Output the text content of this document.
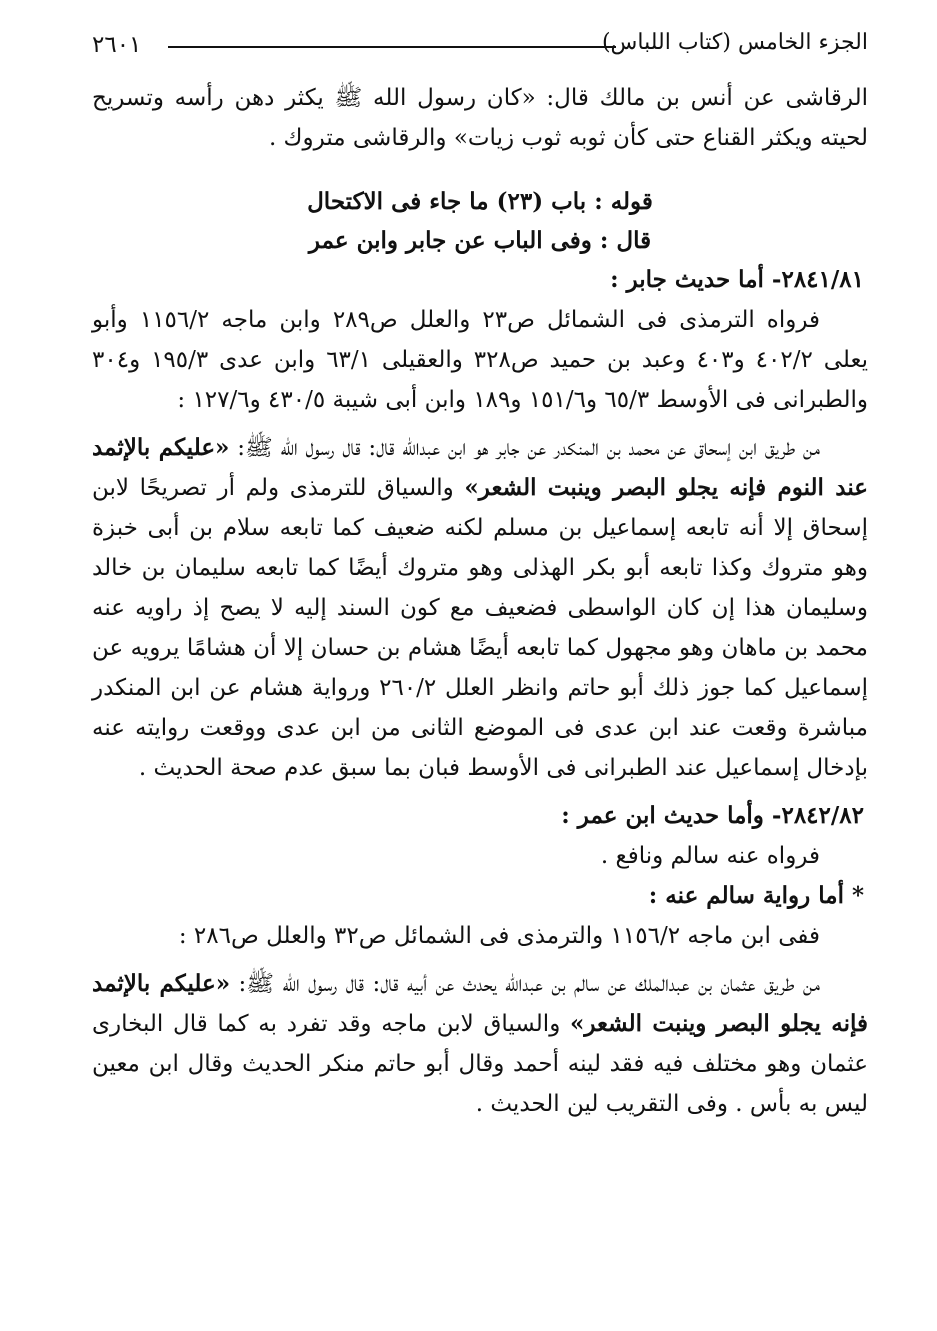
٢٦٠١	الجزء الخامس (كتاب اللباس)

الرقاشى عن أنس بن مالك قال: «كان رسول الله ﷺ يكثر دهن رأسه وتسريح لحيته ويكثر القناع حتى كأن ثوبه ثوب زيات» والرقاشى متروك .

قوله : باب (٢٣) ما جاء فى الاكتحال

قال : وفى الباب عن جابر وابن عمر

٢٨٤١/٨١- أما حديث جابر :

فرواه الترمذى فى الشمائل ص٢٣ والعلل ص٢٨٩ وابن ماجه ١١٥٦/٢ وأبو يعلى ٤٠٢/٢ و٤٠٣ وعبد بن حميد ص٣٢٨ والعقيلى ٦٣/١ وابن عدى ١٩٥/٣ و٣٠٤ والطبرانى فى الأوسط ٦٥/٣ و١٥١/٦ و١٨٩ وابن أبى شيبة ٤٣٠/٥ و١٢٧/٦ :

من طريق ابن إسحاق عن محمد بن المنكدر عن جابر هو ابن عبدالله قال: قال رسول الله ﷺ: «عليكم بالإثمد عند النوم فإنه يجلو البصر وينبت الشعر» والسياق للترمذى ولم أر تصريحًا لابن إسحاق إلا أنه تابعه إسماعيل بن مسلم لكنه ضعيف كما تابعه سلام بن أبى خبزة وهو متروك وكذا تابعه أبو بكر الهذلى وهو متروك أيضًا كما تابعه سليمان بن خالد وسليمان هذا إن كان الواسطى فضعيف مع كون السند إليه لا يصح إذ راويه عنه محمد بن ماهان وهو مجهول كما تابعه أيضًا هشام بن حسان إلا أن هشامًا يرويه عن إسماعيل كما جوز ذلك أبو حاتم وانظر العلل ٢٦٠/٢ ورواية هشام عن ابن المنكدر مباشرة وقعت عند ابن عدى فى الموضع الثانى من ابن عدى ووقعت روايته عنه بإدخال إسماعيل عند الطبرانى فى الأوسط فبان بما سبق عدم صحة الحديث .

٢٨٤٢/٨٢- وأما حديث ابن عمر :

فرواه عنه سالم ونافع .

* أما رواية سالم عنه :

ففى ابن ماجه ١١٥٦/٢ والترمذى فى الشمائل ص٣٢ والعلل ص٢٨٦ :

من طريق عثمان بن عبدالملك عن سالم بن عبدالله يحدث عن أبيه قال: قال رسول الله ﷺ: «عليكم بالإثمد فإنه يجلو البصر وينبت الشعر» والسياق لابن ماجه وقد تفرد به كما قال البخارى عثمان وهو مختلف فيه فقد لينه أحمد وقال أبو حاتم منكر الحديث وقال ابن معين ليس به بأس . وفى التقريب لين الحديث .
